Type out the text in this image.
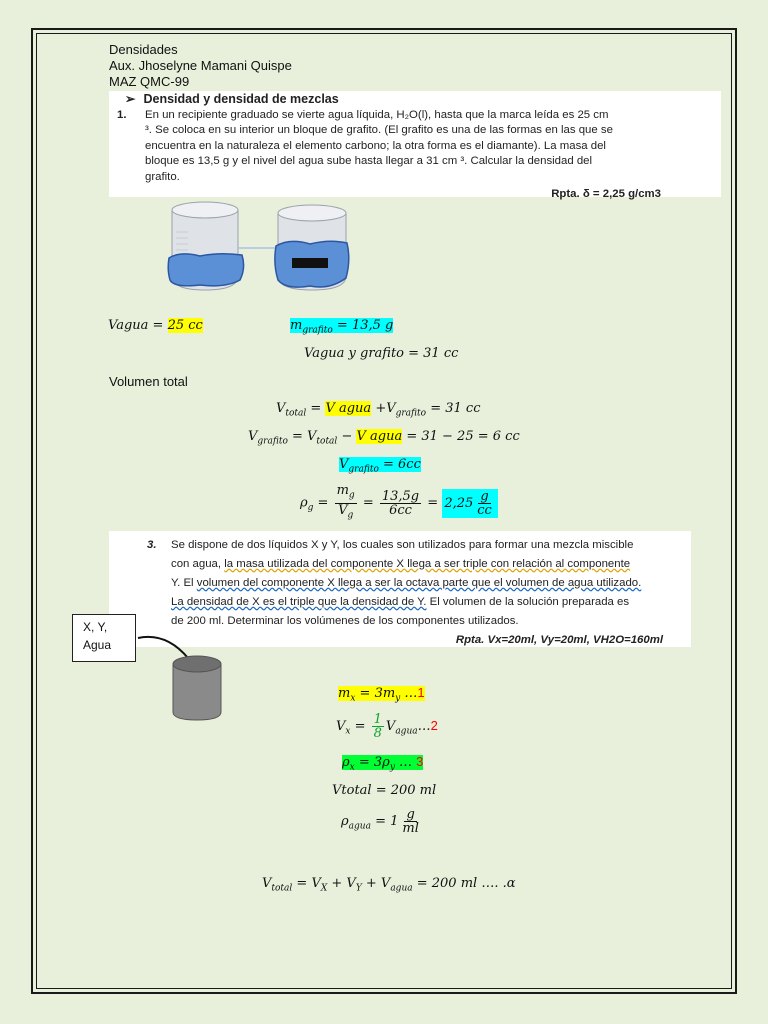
Densidades
Aux. Jhoselyne Mamani Quispe
MAZ QMC-99
➢ Densidad y densidad de mezclas
1.	En un recipiente graduado se vierte agua líquida, H₂O(l), hasta que la marca leída es 25 cm
³. Se coloca en su interior un bloque de grafito. (El grafito es una de las formas en las que se
encuentra en la naturaleza el elemento carbono; la otra forma es el diamante). La masa del
bloque es 13,5 g y el nivel del agua sube hasta llegar a 31 cm ³. Calcular la densidad del
grafito.
Rpta. δ = 2,25 g/cm3
Vagua = 25 cc	$m_{grafito} = 13,5$ g
Vagua y grafito = 31 cc
Volumen total
$V_{total} = V$ agua $+V_{grafito} = 31$ cc
$V_{grafito} = V_{total} - V$ agua = 31 − 25 = 6 cc
$V_{grafito} = 6cc$
$\rho_g = \frac{m_g}{V_g} = \frac{13,5g}{6cc} = 2,25 \frac{g}{cc}$
3. Se dispone de dos líquidos X y Y, los cuales son utilizados para formar una mezcla miscible
con agua, la masa utilizada del componente X llega a ser triple con relación al componente
Y. El volumen del componente X llega a ser la octava parte que el volumen de agua utilizado.
La densidad de X es el triple que la densidad de Y. El volumen de la solución preparada es
de 200 ml. Determinar los volúmenes de los componentes utilizados.
Rpta. Vx=20ml, Vy=20ml, VH2O=160ml
X, Y,
Agua
$m_x = 3m_y$ …1
$V_x = \frac{1}{8}$ $V_{agua}\dots 2$
$\rho_x = 3\rho_y$ … 3
Vtotal = 200 ml
$\rho_{agua} = 1 \frac{g}{ml}$
$V_{total} = V_X + V_Y + V_{agua} = 200$ ml …. .α
